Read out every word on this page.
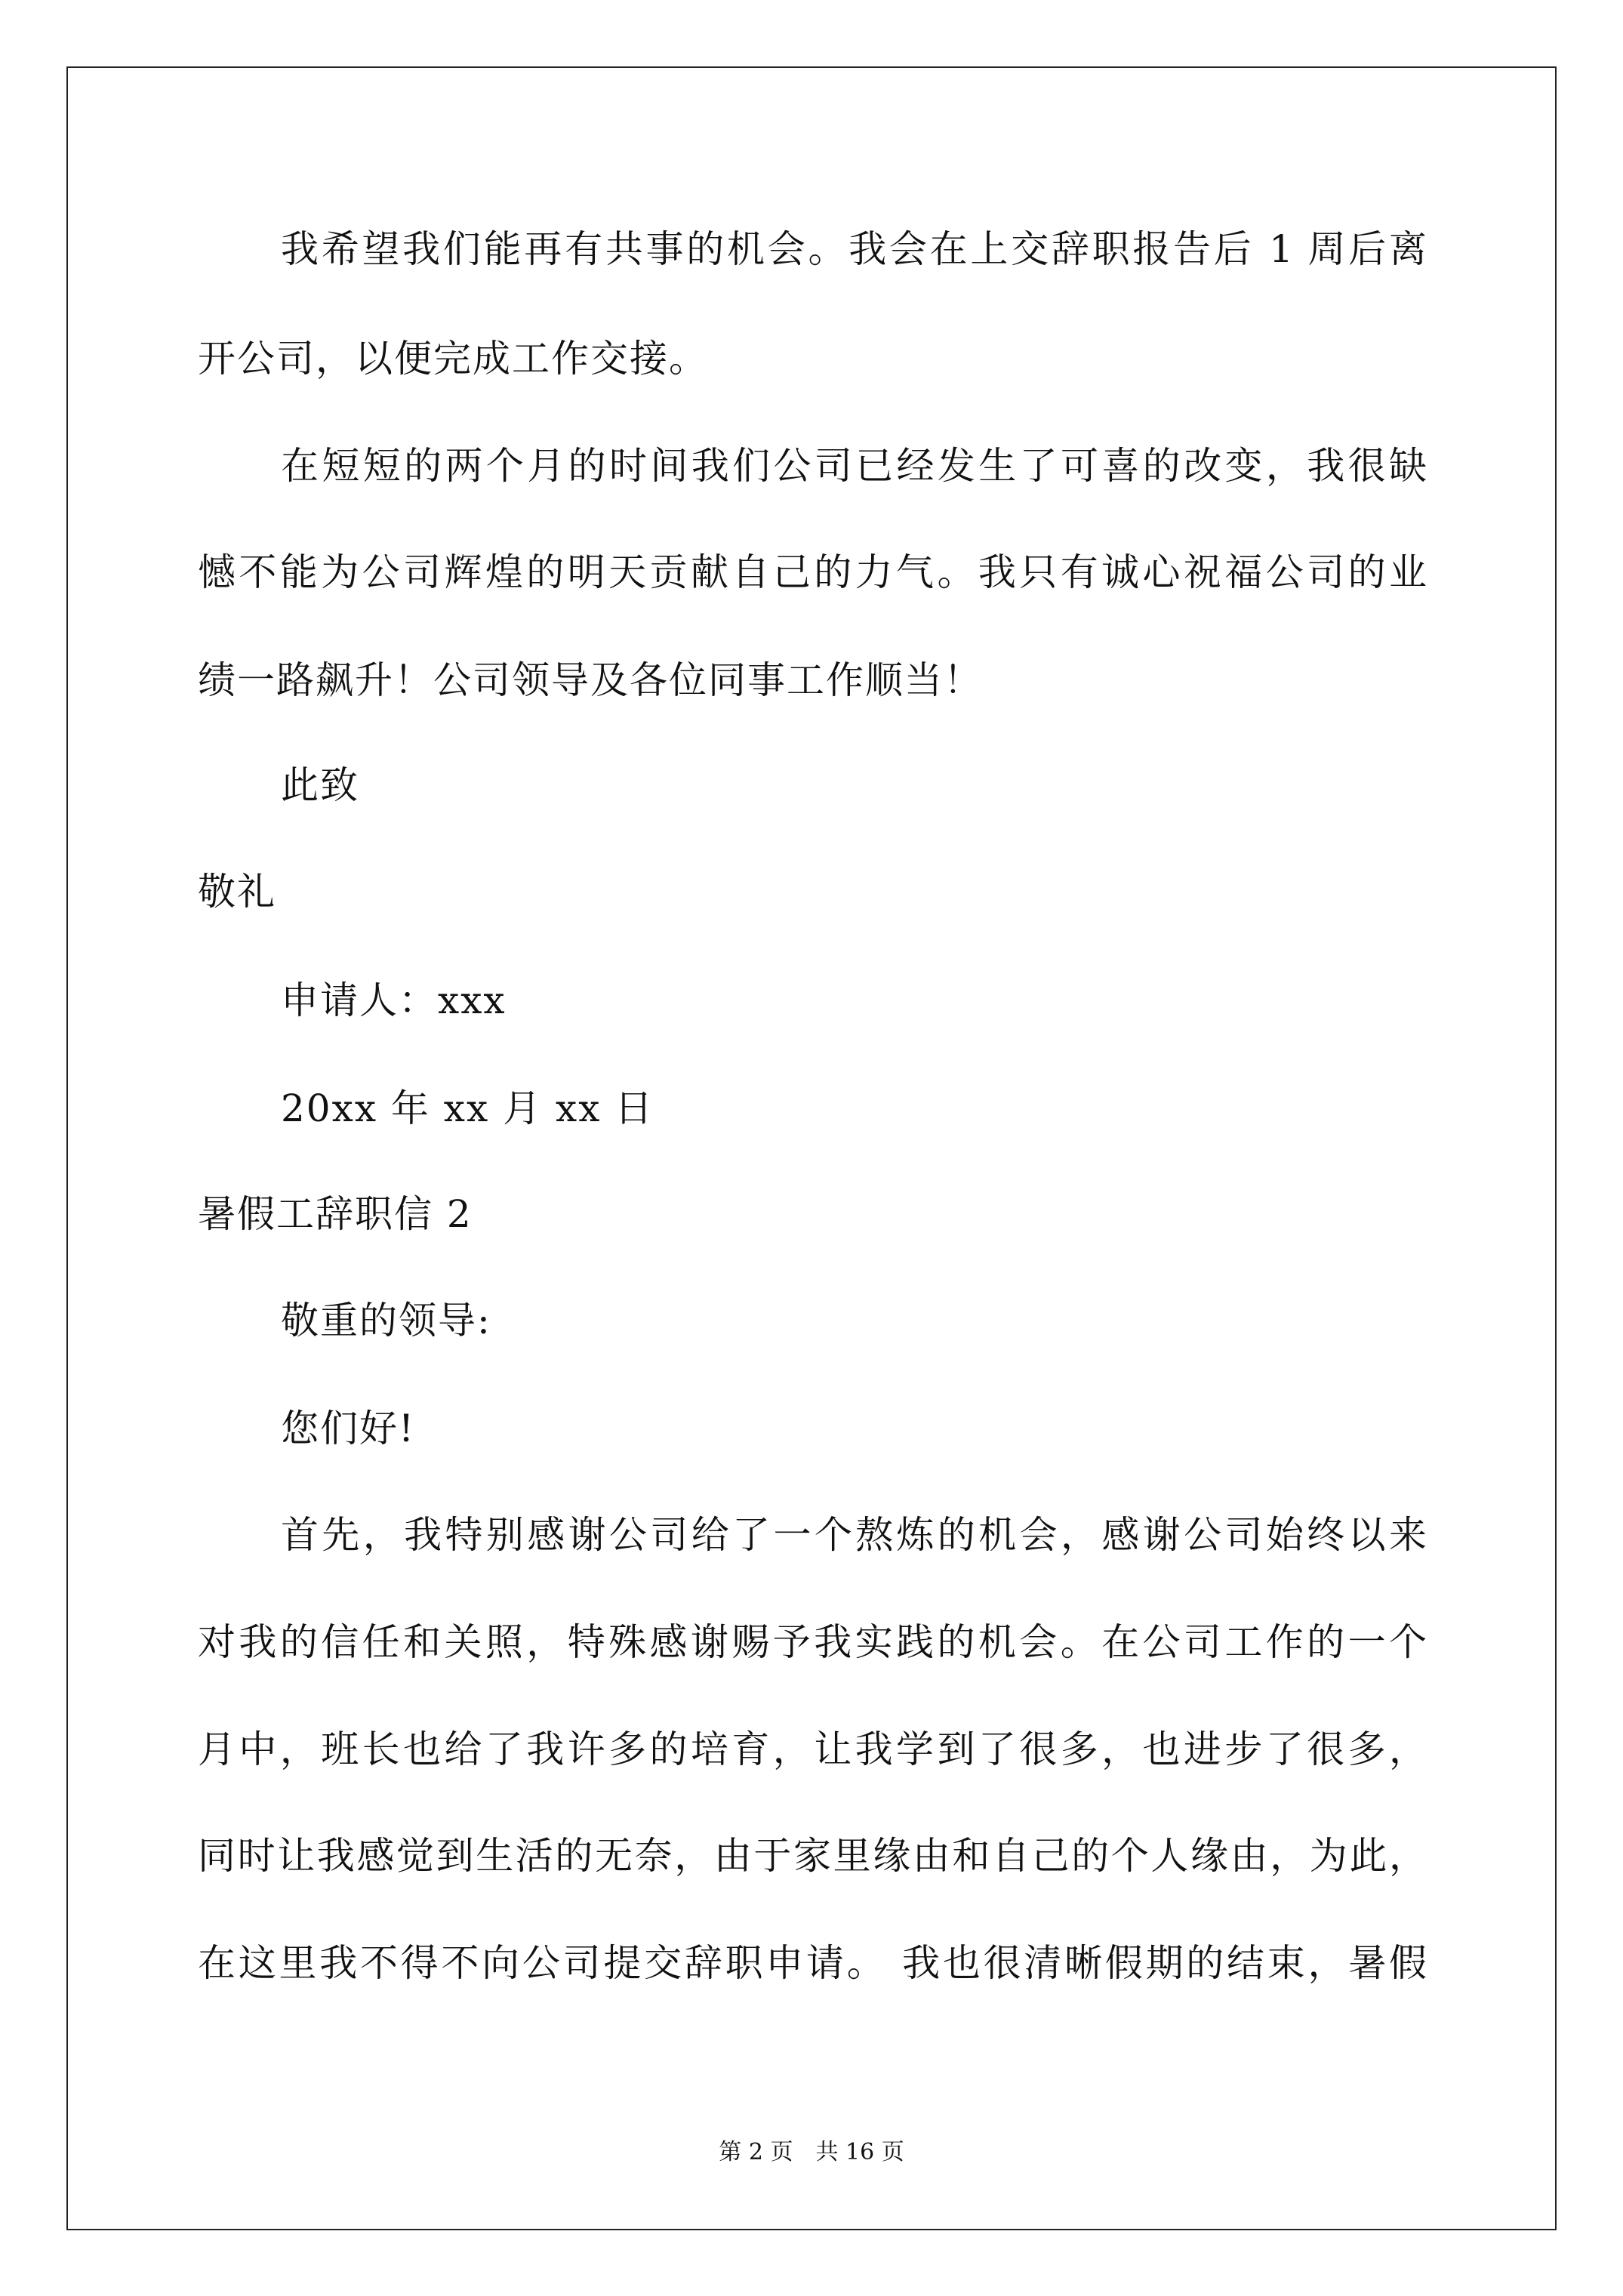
我希望我们能再有共事的机会。我会在上交辞职报告后 1 周后离
开公司，以便完成工作交接。
在短短的两个月的时间我们公司已经发生了可喜的改变，我很缺
憾不能为公司辉煌的明天贡献自己的力气。我只有诚心祝福公司的业
绩一路飙升！公司领导及各位同事工作顺当！
此致
敬礼
申请人：xxx
20xx 年 xx 月 xx 日
暑假工辞职信 2
敬重的领导:
您们好!
首先，我特别感谢公司给了一个熬炼的机会，感谢公司始终以来
对我的信任和关照，特殊感谢赐予我实践的机会。在公司工作的一个
月中，班长也给了我许多的培育，让我学到了很多，也进步了很多，
同时让我感觉到生活的无奈，由于家里缘由和自己的个人缘由，为此，
在这里我不得不向公司提交辞职申请。 我也很清晰假期的结束，暑假
第 2 页　共 16 页
